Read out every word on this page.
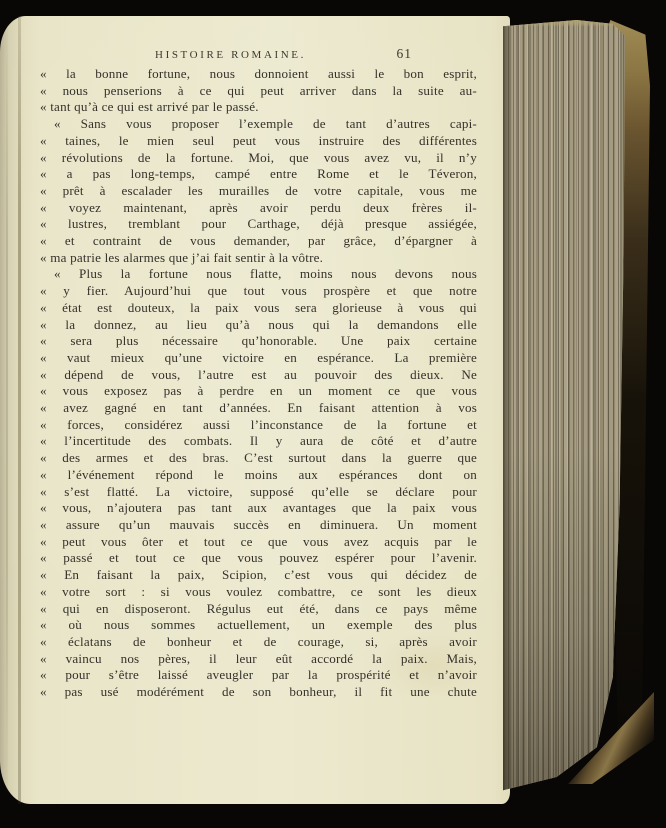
HISTOIRE ROMAINE.	61
« la bonne fortune, nous donnoient aussi le bon esprit,
« nous penserions à ce qui peut arriver dans la suite au-
« tant qu’à ce qui est arrivé par le passé.
« Sans vous proposer l’exemple de tant d’autres capi-
« taines, le mien seul peut vous instruire des différentes
« révolutions de la fortune. Moi, que vous avez vu, il n’y
« a pas long-temps, campé entre Rome et le Téveron,
« prêt à escalader les murailles de votre capitale, vous me
« voyez maintenant, après avoir perdu deux frères il-
« lustres, tremblant pour Carthage, déjà presque assiégée,
« et contraint de vous demander, par grâce, d’épargner à
« ma patrie les alarmes que j’ai fait sentir à la vôtre.
« Plus la fortune nous flatte, moins nous devons nous
« y fier. Aujourd’hui que tout vous prospère et que notre
« état est douteux, la paix vous sera glorieuse à vous qui
« la donnez, au lieu qu’à nous qui la demandons elle
« sera plus nécessaire qu’honorable. Une paix certaine
« vaut mieux qu’une victoire en espérance. La première
« dépend de vous, l’autre est au pouvoir des dieux. Ne
« vous exposez pas à perdre en un moment ce que vous
« avez gagné en tant d’années. En faisant attention à vos
« forces, considérez aussi l’inconstance de la fortune et
« l’incertitude des combats. Il y aura de côté et d’autre
« des armes et des bras. C’est surtout dans la guerre que
« l’événement répond le moins aux espérances dont on
« s’est flatté. La victoire, supposé qu’elle se déclare pour
« vous, n’ajoutera pas tant aux avantages que la paix vous
« assure qu’un mauvais succès en diminuera. Un moment
« peut vous ôter et tout ce que vous avez acquis par le
« passé et tout ce que vous pouvez espérer pour l’avenir.
« En faisant la paix, Scipion, c’est vous qui décidez de
« votre sort : si vous voulez combattre, ce sont les dieux
« qui en disposeront. Régulus eut été, dans ce pays même
« où nous sommes actuellement, un exemple des plus
« éclatans de bonheur et de courage, si, après avoir
« vaincu nos pères, il leur eût accordé la paix. Mais,
« pour s’être laissé aveugler par la prospérité et n’avoir
« pas usé modérément de son bonheur, il fit une chute
